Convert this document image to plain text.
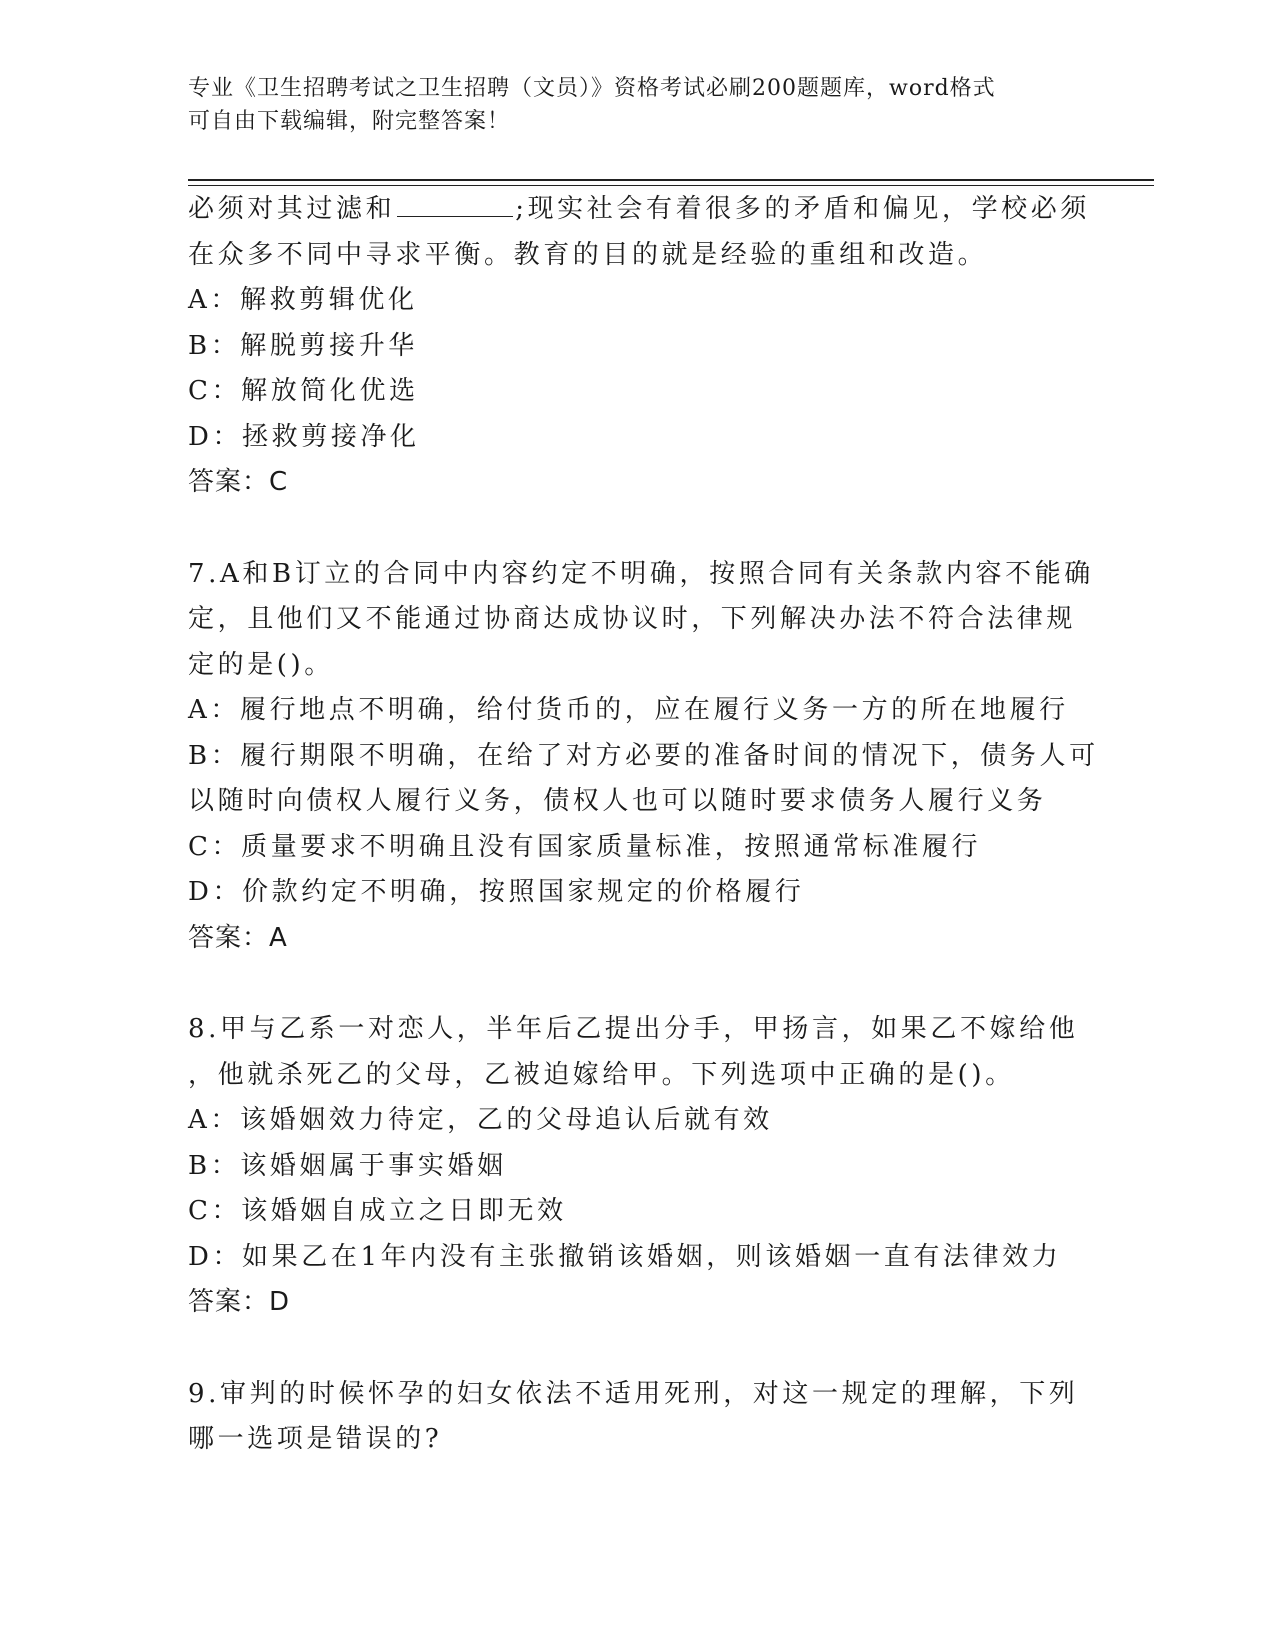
专业《卫生招聘考试之卫生招聘（文员）》资格考试必刷200题题库，word格式
可自由下载编辑，附完整答案！
必须对其过滤和	;现实社会有着很多的矛盾和偏见，学校必须
在众多不同中寻求平衡。教育的目的就是经验的重组和改造。
A：解救剪辑优化
B：解脱剪接升华
C：解放简化优选
D：拯救剪接净化
答案：C
7.A和B订立的合同中内容约定不明确，按照合同有关条款内容不能确
定，且他们又不能通过协商达成协议时，下列解决办法不符合法律规
定的是()。
A：履行地点不明确，给付货币的，应在履行义务一方的所在地履行
B：履行期限不明确，在给了对方必要的准备时间的情况下，债务人可
以随时向债权人履行义务，债权人也可以随时要求债务人履行义务
C：质量要求不明确且没有国家质量标准，按照通常标准履行
D：价款约定不明确，按照国家规定的价格履行
答案：A
8.甲与乙系一对恋人，半年后乙提出分手，甲扬言，如果乙不嫁给他
，他就杀死乙的父母，乙被迫嫁给甲。下列选项中正确的是()。
A：该婚姻效力待定，乙的父母追认后就有效
B：该婚姻属于事实婚姻
C：该婚姻自成立之日即无效
D：如果乙在1年内没有主张撤销该婚姻，则该婚姻一直有法律效力
答案：D
9.审判的时候怀孕的妇女依法不适用死刑，对这一规定的理解，下列
哪一选项是错误的?
